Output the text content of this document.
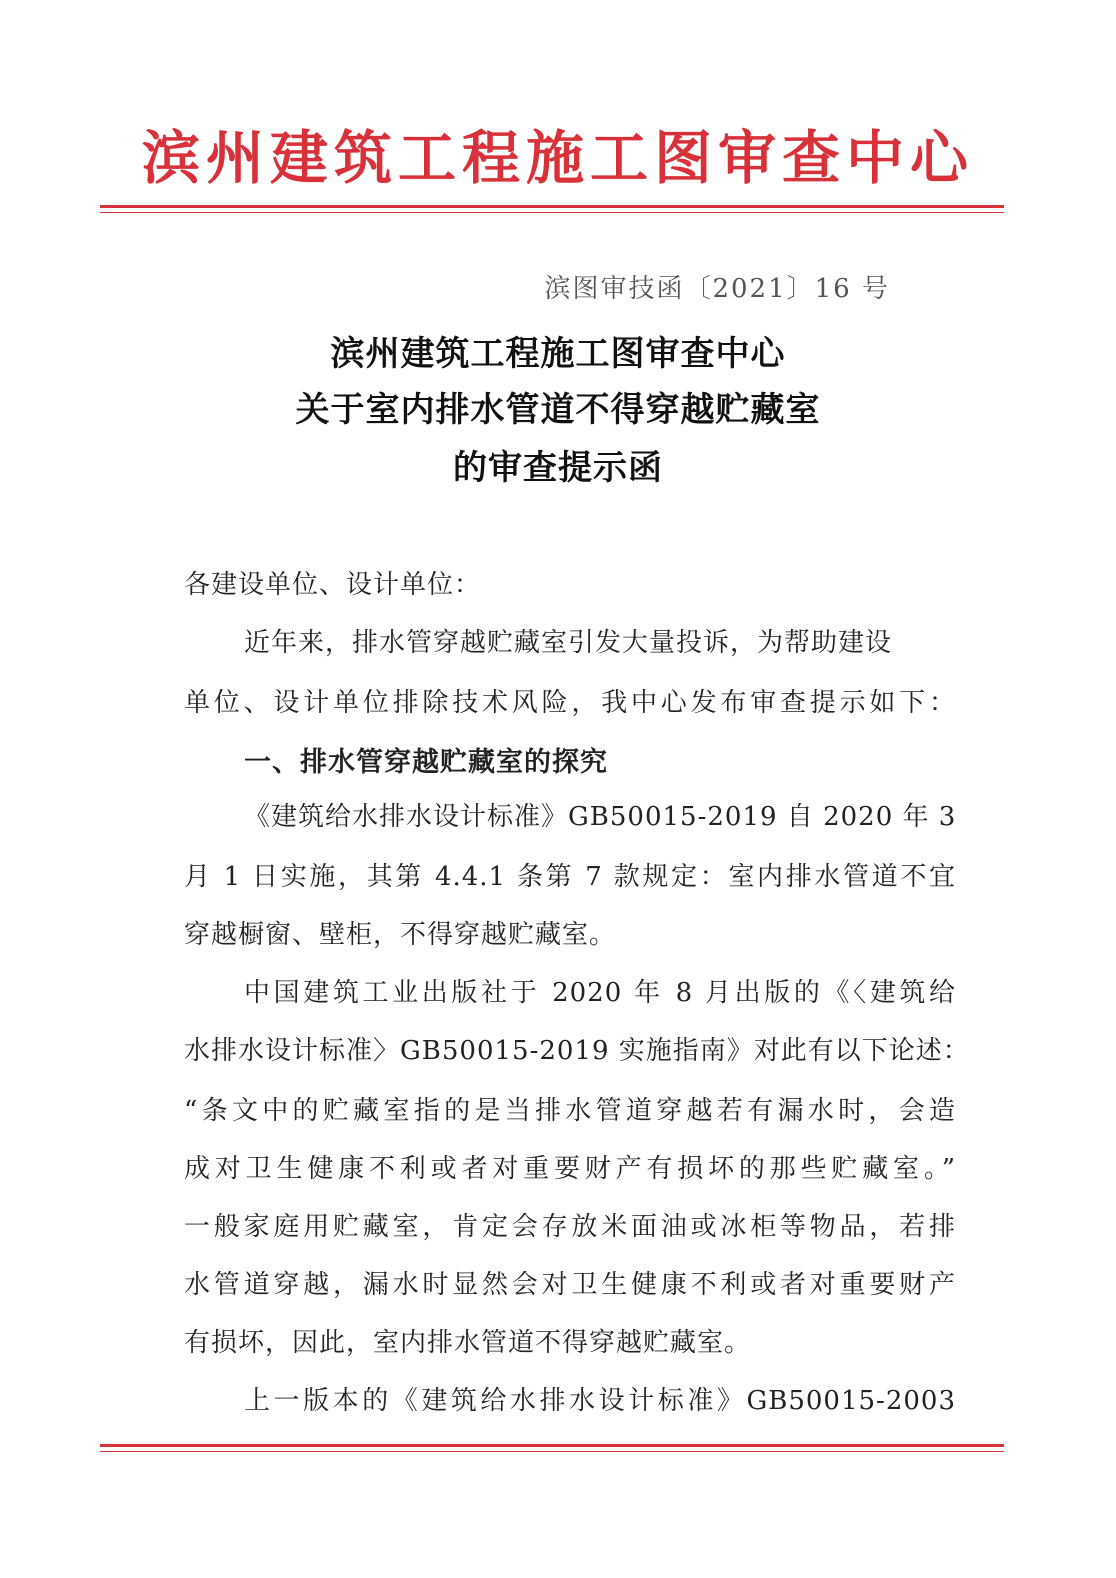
滨州建筑工程施工图审查中心
滨图审技函〔2021〕16 号
滨州建筑工程施工图审查中心
关于室内排水管道不得穿越贮藏室
的审查提示函
各建设单位、设计单位：
近年来，排水管穿越贮藏室引发大量投诉，为帮助建设
单位、设计单位排除技术风险，我中心发布审查提示如下：
一、排水管穿越贮藏室的探究
《建筑给水排水设计标准》GB50015-2019 自 2020 年 3
月 1 日实施，其第 4.4.1 条第 7 款规定：室内排水管道不宜
穿越橱窗、壁柜，不得穿越贮藏室。
中国建筑工业出版社于 2020 年 8 月出版的《〈建筑给
水排水设计标准〉GB50015-2019 实施指南》对此有以下论述：
“条文中的贮藏室指的是当排水管道穿越若有漏水时，会造
成对卫生健康不利或者对重要财产有损坏的那些贮藏室。”
一般家庭用贮藏室，肯定会存放米面油或冰柜等物品，若排
水管道穿越，漏水时显然会对卫生健康不利或者对重要财产
有损坏，因此，室内排水管道不得穿越贮藏室。
上一版本的《建筑给水排水设计标准》GB50015-2003
